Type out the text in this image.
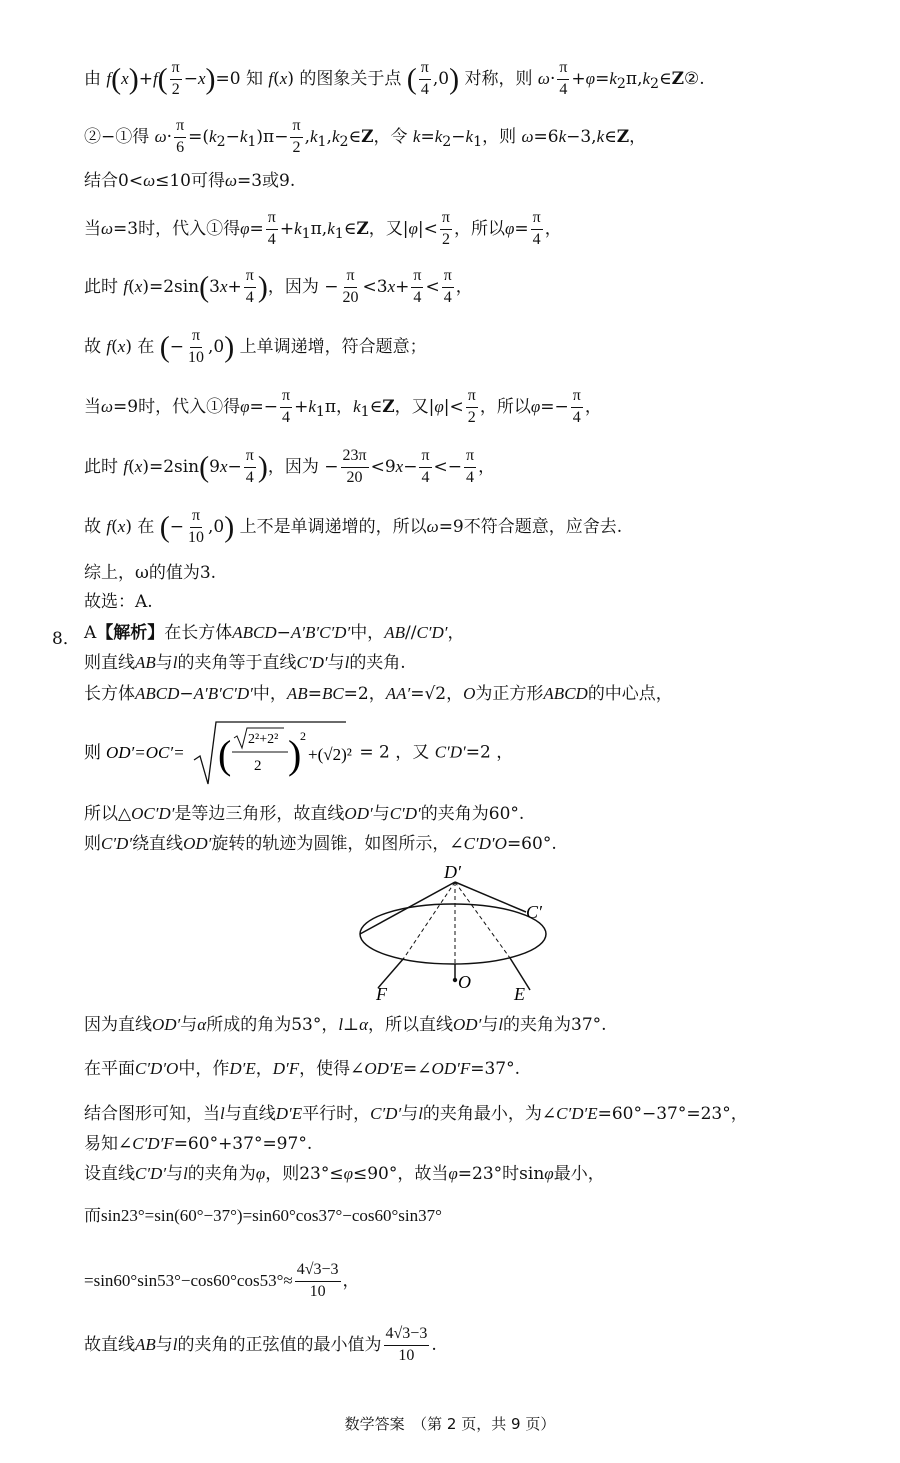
由 $f(x)+f( \frac{\pi}{2} -x)=0$ 知 f(x) 的图象关于点 ( $\frac{\pi}{4} ,0$) 对称，则 $\omega\cdot \frac{\pi}{4}$ $+\varphi=k_2\pi,k_2\in Z②$.
②−①得 $\omega\cdot \frac{\pi}{6} =(k_2-k_1)\pi- \frac{\pi}{2}$ $,k_1,k_2\in Z$，令 $k=k_2-k_1$，则 ω=6k−3,k∈Z，
结合0<ω≤10可得ω=3或9.
当ω=3时，代入①得$\varphi= \frac{\pi}{4}$ $+k_1\pi,k_1\in Z$，又$|\varphi|< \frac{\pi}{2}$ ，所以$\varphi= \frac{\pi}{4}$ ，
此时 $f(x)=2\sin(3x+ \frac{\pi}{4}$ )，因为 − $\frac{\pi}{20} <3x+ \frac{\pi}{4} < \frac{\pi}{4}$ ，
故 f(x) 在 (− $\frac{\pi}{10} ,0$) 上单调递增，符合题意；
当ω=9时，代入①得$\varphi=- \frac{\pi}{4} +k_1\pi$，$k_1\in Z$，又$|\varphi|< \frac{\pi}{2}$ ，所以$\varphi=- \frac{\pi}{4}$ ，
此时 $f(x)=2\sin(9x- \frac{\pi}{4}$ )，因为 − $\frac{23\pi}{20} <9x- \frac{\pi}{4} <- \frac{\pi}{4}$ ，
故 f(x) 在 (− $\frac{\pi}{10} ,0$) 上不是单调递增的，所以ω=9不符合题意，应舍去.
综上，ω的值为3.
故选：A.
8． A【解析】在长方体ABCD−A′B′C′D′中，AB//C′D′，
则直线AB与l的夹角等于直线C′D′与l的夹角.
长方体ABCD−A′B′C′D′中，AB=BC=2，AA′=√2，O为正方形ABCD的中心点，
则 OD′=OC′= ( 2²+2²
2 )
2
+(√2)² = 2 ，又 C′D′=2 ，
所以△OC′D′是等边三角形，故直线OD′与C′D′的夹角为60°.
则C′D′绕直线OD′旋转的轨迹为圆锥，如图所示，∠C′D′O=60°.
D′
C′
O
F	E
因为直线OD′与α所成的角为53°，l⊥α，所以直线OD′与l的夹角为37°.
在平面C′D′O中，作D′E，D′F，使得∠OD′E=∠OD′F=37°.
结合图形可知，当l与直线D′E平行时，C′D′与l的夹角最小，为∠C′D′E=60°−37°=23°，
易知∠C′D′F=60°+37°=97°.
设直线C′D′与l的夹角为φ，则23°≤φ≤90°，故当φ=23°时sinφ最小，
而sin23°=sin(60°−37°)=sin60°cos37°−cos60°sin37°
$=\sin 60^\circ\sin 53^\circ-\cos 60^\circ\cos 53^\circ\approx \frac{4√3-3}{10}$ ，
故直线AB与l的夹角的正弦值的最小值为 $\frac{4√3-3}{10}$ .
数学答案　（第 2 页，共 9 页）
